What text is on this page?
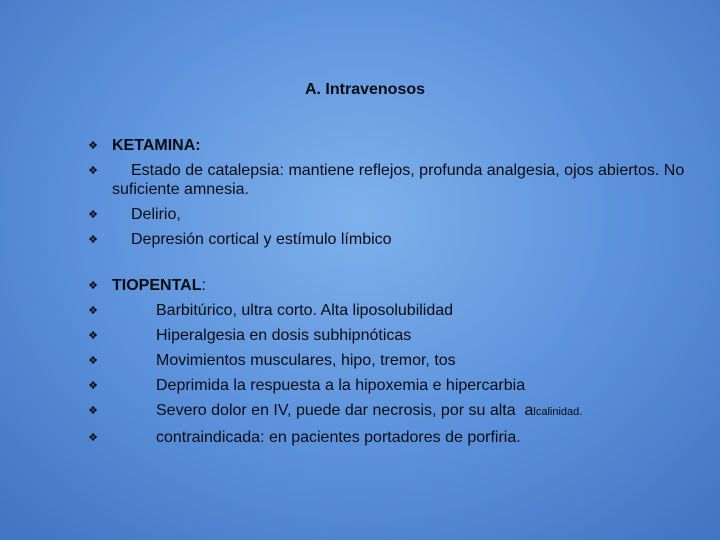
A. Intravenosos
❖ KETAMINA:
❖	Estado de catalepsia: mantiene reflejos, profunda analgesia, ojos abiertos. No suficiente amnesia.
❖	Delirio,
❖	Depresión cortical y estímulo límbico
❖ TIOPENTAL:
❖	Barbitúrico, ultra corto. Alta liposolubilidad
❖	Hiperalgesia en dosis subhipnóticas
❖	Movimientos musculares, hipo, tremor, tos
❖	Deprimida la respuesta a la hipoxemia e hipercarbia
❖	Severo dolor en IV, puede dar necrosis, por su alta  alcalinidad.
❖	contraindicada: en pacientes portadores de porfiria.
